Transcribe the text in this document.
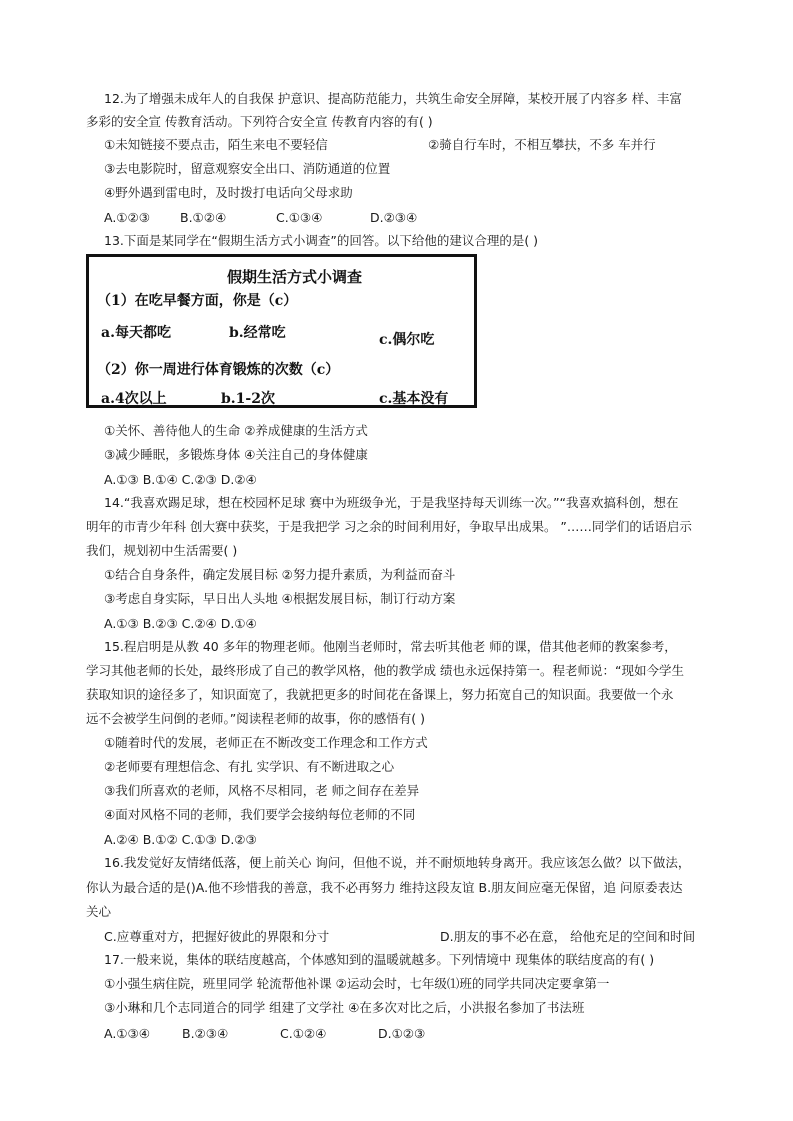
12.为了增强未成年人的自我保 护意识、提高防范能力，共筑生命安全屏障，某校开展了内容多 样、丰富
多彩的安全宣 传教育活动。下列符合安全宣 传教育内容的有( )
①未知链接不要点击，陌生来电不要轻信	②骑自行车时，不相互攀扶，不多 车并行
③去电影院时，留意观察安全出口、消防通道的位置
④野外遇到雷电时，及时拨打电话向父母求助
A.①②③ B.①②④	C.①③④	D.②③④
13.下面是某同学在“假期生活方式小调查”的回答。以下给他的建议合理的是( )
假期生活方式小调查
（1）在吃早餐方面，你是（c）
a.每天都吃	b.经常吃	c.偶尔吃
（2）你一周进行体育锻炼的次数（c）
a.4次以上	b.1-2次	c.基本没有
①关怀、善待他人的生命 ②养成健康的生活方式
③减少睡眠，多锻炼身体 ④关注自己的身体健康
A.①③ B.①④ C.②③ D.②④
14.“我喜欢踢足球，想在校园杯足球 赛中为班级争光，于是我坚持每天训练一次。”“我喜欢搞科创，想在
明年的市青少年科 创大赛中获奖，于是我把学 习之余的时间利用好，争取早出成果。 ”……同学们的话语启示
我们，规划初中生活需要( )
①结合自身条件，确定发展目标 ②努力提升素质，为利益而奋斗
③考虑自身实际，早日出人头地 ④根据发展目标，制订行动方案
A.①③ B.②③ C.②④ D.①④
15.程启明是从教 40 多年的物理老师。他刚当老师时，常去听其他老 师的课，借其他老师的教案参考，
学习其他老师的长处，最终形成了自己的教学风格，他的教学成 绩也永远保持第一。程老师说：“现如今学生
获取知识的途径多了，知识面宽了，我就把更多的时间花在备课上，努力拓宽自己的知识面。我要做一个永
远不会被学生问倒的老师。”阅读程老师的故事，你的感悟有( )
①随着时代的发展，老师正在不断改变工作理念和工作方式
②老师要有理想信念、有扎 实学识、有不断进取之心
③我们所喜欢的老师，风格不尽相同，老 师之间存在差异
④面对风格不同的老师，我们要学会接纳每位老师的不同
A.②④ B.①② C.①③ D.②③
16.我发觉好友情绪低落，便上前关心 询问，但他不说，并不耐烦地转身离开。我应该怎么做？以下做法，
你认为最合适的是()A.他不珍惜我的善意，我不必再努力 维持这段友谊 B.朋友间应毫无保留，追 问原委表达
关心
C.应尊重对方，把握好彼此的界限和分寸	D.朋友的事不必在意， 给他充足的空间和时间
17.一般来说，集体的联结度越高，个体感知到的温暖就越多。下列情境中 现集体的联结度高的有( )
①小强生病住院，班里同学 轮流帮他补课 ②运动会时，七年级⑴班的同学共同决定要拿第一
③小琳和几个志同道合的同学 组建了文学社 ④在多次对比之后，小洪报名参加了书法班
A.①③④	B.②③④	C.①②④	D.①②③
